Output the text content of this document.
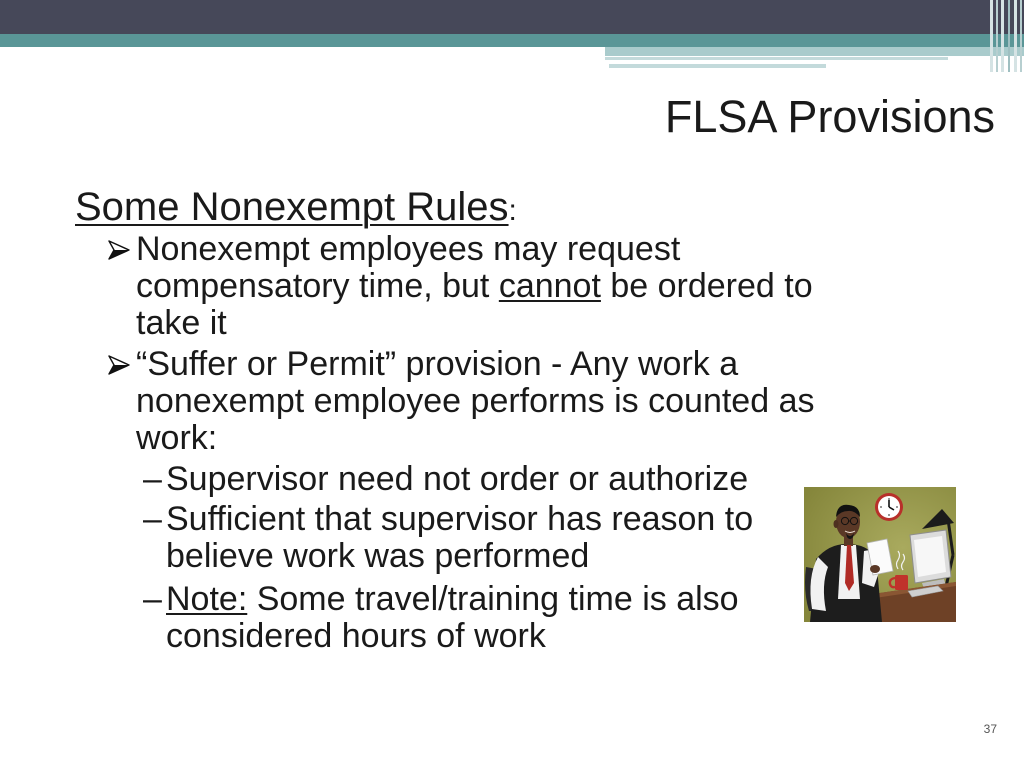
FLSA Provisions
Some Nonexempt Rules:

Nonexempt employees may request compensatory time, but cannot be ordered to take it

“Suffer or Permit” provision - Any work a nonexempt employee performs is counted as work:

– Supervisor need not order or authorize

– Sufficient that supervisor has reason to believe work was performed

– Note: Some travel/training time is also considered hours of work

37
